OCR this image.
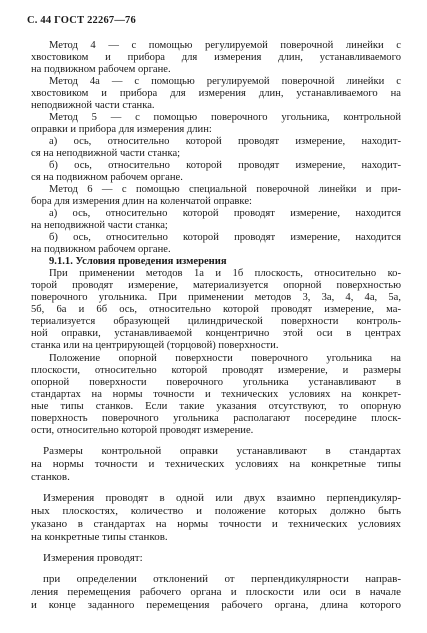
С. 44 ГОСТ 22267—76
Метод 4 — с помощью регулируемой поверочной линейки с
хвостовиком и прибора для измерения длин, устанавливаемого
на подвижном рабочем органе.
Метод 4а — с помощью регулируемой поверочной линейки с
хвостовиком и прибора для измерения длин, устанавливаемого на
неподвижной части станка.
Метод 5 — с помощью поверочного угольника, контрольной
оправки и прибора для измерения длин:
а) ось, относительно которой проводят измерение, находит-
ся на неподвижной части станка;
б) ось, относительно которой проводят измерение, находит-
ся на подвижном рабочем органе.
Метод 6 — с помощью специальной поверочной линейки и при-
бора для измерения длин на коленчатой оправке:
а) ось, относительно которой проводят измерение, находится
на неподвижной части станка;
б) ось, относительно которой проводят измерение, находится
на подвижном рабочем органе.
9.1.1. Условия проведения измерения
При применении методов 1а и 1б плоскость, относительно ко-
торой проводят измерение, материализуется опорной поверхностью
поверочного угольника. При применении методов 3, 3а, 4, 4а, 5а,
5б, 6а и 6б ось, относительно которой проводят измерение, ма-
териализуется образующей цилиндрической поверхности контроль-
ной оправки, устанавливаемой концентрично этой оси в центрах
станка или на центрирующей (торцовой) поверхности.
Положение опорной поверхности поверочного угольника на
плоскости, относительно которой проводят измерение, и размеры
опорной поверхности поверочного угольника устанавливают в
стандартах на нормы точности и технических условиях на конкрет-
ные типы станков. Если такие указания отсутствуют, то опорную
поверхность поверочного угольника располагают посередине плоск-
ости, относительно которой проводят измерение.
Размеры контрольной оправки устанавливают в стандартах
на нормы точности и технических условиях на конкретные типы
станков.
Измерения проводят в одной или двух взаимно перпендикуляр-
ных плоскостях, количество и положение которых должно быть
указано в стандартах на нормы точности и технических условиях
на конкретные типы станков.
Измерения проводят:
при определении отклонений от перпендикулярности направ-
ления перемещения рабочего органа и плоскости или оси в начале
и конце заданного перемещения рабочего органа, длина которого
